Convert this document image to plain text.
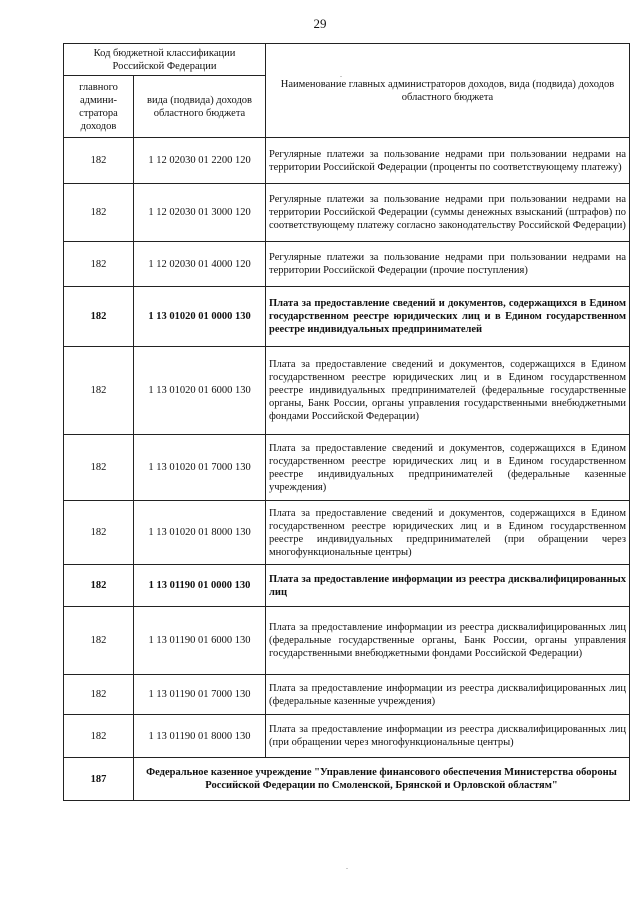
29
Код бюджетной классификации Российской Федерации		Наименование главных администраторов доходов, вида (подвида) доходов областного бюджета
главного админи-стратора доходов	вида (подвида) доходов областного бюджета	
182	1 12 02030 01 2200 120	Регулярные платежи за пользование недрами при пользовании недрами на территории Российской Федерации (проценты по соответствующему платежу)
182	1 12 02030 01 3000 120	Регулярные платежи за пользование недрами при пользовании недрами на территории Российской Федерации (суммы денежных взысканий (штрафов) по соответствующему платежу согласно законодательству Российской Федерации)
182	1 12 02030 01 4000 120	Регулярные платежи за пользование недрами при пользовании недрами на территории Российской Федерации (прочие поступления)
182	1 13 01020 01 0000 130	Плата за предоставление сведений и документов, содержащихся в Едином государственном реестре юридических лиц и в Едином государственном реестре индивидуальных предпринимателей
182	1 13 01020 01 6000 130	Плата за предоставление сведений и документов, содержащихся в Едином государственном реестре юридических лиц и в Едином государственном реестре индивидуальных предпринимателей (федеральные государственные органы, Банк России, органы управления государственными внебюджетными фондами Российской Федерации)
182	1 13 01020 01 7000 130	Плата за предоставление сведений и документов, содержащихся в Едином государственном реестре юридических лиц и в Едином государственном реестре индивидуальных предпринимателей (федеральные казенные учреждения)
182	1 13 01020 01 8000 130	Плата за предоставление сведений и документов, содержащихся в Едином государственном реестре юридических лиц и в Едином государственном реестре индивидуальных предпринимателей (при обращении через многофункциональные центры)
182	1 13 01190 01 0000 130	Плата за предоставление информации из реестра дисквалифицированных лиц
182	1 13 01190 01 6000 130	Плата за предоставление информации из реестра дисквалифицированных лиц (федеральные государственные органы, Банк России, органы управления государственными внебюджетными фондами Российской Федерации)
182	1 13 01190 01 7000 130	Плата за предоставление информации из реестра дисквалифицированных лиц (федеральные казенные учреждения)
182	1 13 01190 01 8000 130	Плата за предоставление информации из реестра дисквалифицированных лиц (при обращении через многофункциональные центры)
187	Федеральное казенное учреждение "Управление финансового обеспечения Министерства обороны Российской Федерации по Смоленской, Брянской и Орловской областям"	
.
.
